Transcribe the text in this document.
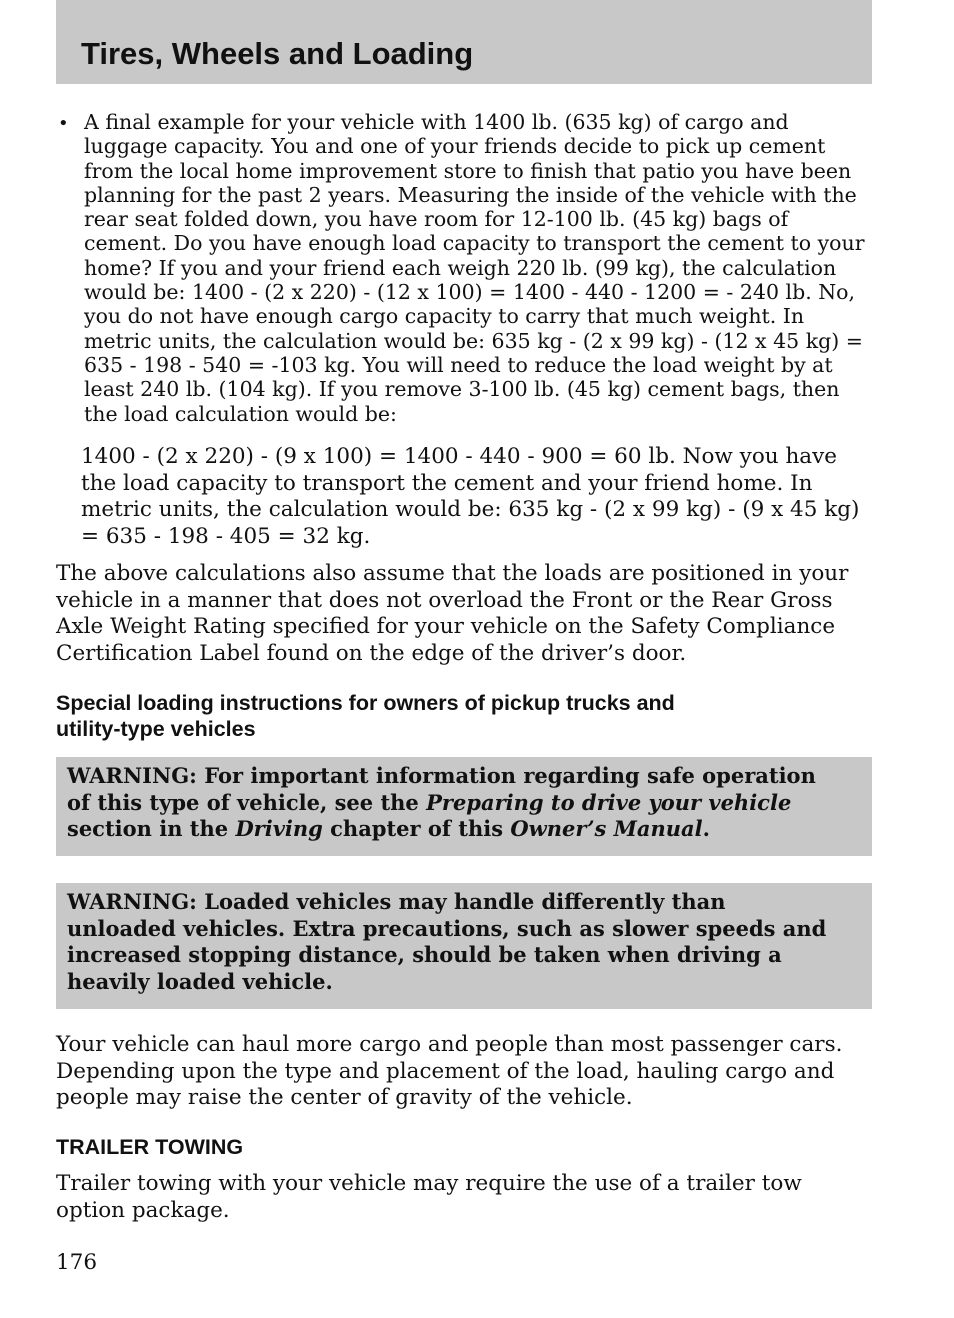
Tires, Wheels and Loading
• A final example for your vehicle with 1400 lb. (635 kg) of cargo and luggage capacity. You and one of your friends decide to pick up cement from the local home improvement store to finish that patio you have been planning for the past 2 years. Measuring the inside of the vehicle with the rear seat folded down, you have room for 12-100 lb. (45 kg) bags of cement. Do you have enough load capacity to transport the cement to your home? If you and your friend each weigh 220 lb. (99 kg), the calculation would be: 1400 - (2 x 220) - (12 x 100) = 1400 - 440 - 1200 = - 240 lb. No, you do not have enough cargo capacity to carry that much weight. In metric units, the calculation would be: 635 kg - (2 x 99 kg) - (12 x 45 kg) = 635 - 198 - 540 = -103 kg. You will need to reduce the load weight by at least 240 lb. (104 kg). If you remove 3-100 lb. (45 kg) cement bags, then the load calculation would be:

1400 - (2 x 220) - (9 x 100) = 1400 - 440 - 900 = 60 lb. Now you have the load capacity to transport the cement and your friend home. In metric units, the calculation would be: 635 kg - (2 x 99 kg) - (9 x 45 kg) = 635 - 198 - 405 = 32 kg.

The above calculations also assume that the loads are positioned in your vehicle in a manner that does not overload the Front or the Rear Gross Axle Weight Rating specified for your vehicle on the Safety Compliance Certification Label found on the edge of the driver’s door.

Special loading instructions for owners of pickup trucks and
utility-type vehicles

WARNING: For important information regarding safe operation
of this type of vehicle, see the Preparing to drive your vehicle
section in the Driving chapter of this Owner’s Manual.

WARNING: Loaded vehicles may handle differently than
unloaded vehicles. Extra precautions, such as slower speeds and
increased stopping distance, should be taken when driving a
heavily loaded vehicle.

Your vehicle can haul more cargo and people than most passenger cars. Depending upon the type and placement of the load, hauling cargo and people may raise the center of gravity of the vehicle.

TRAILER TOWING

Trailer towing with your vehicle may require the use of a trailer tow option package.

176
